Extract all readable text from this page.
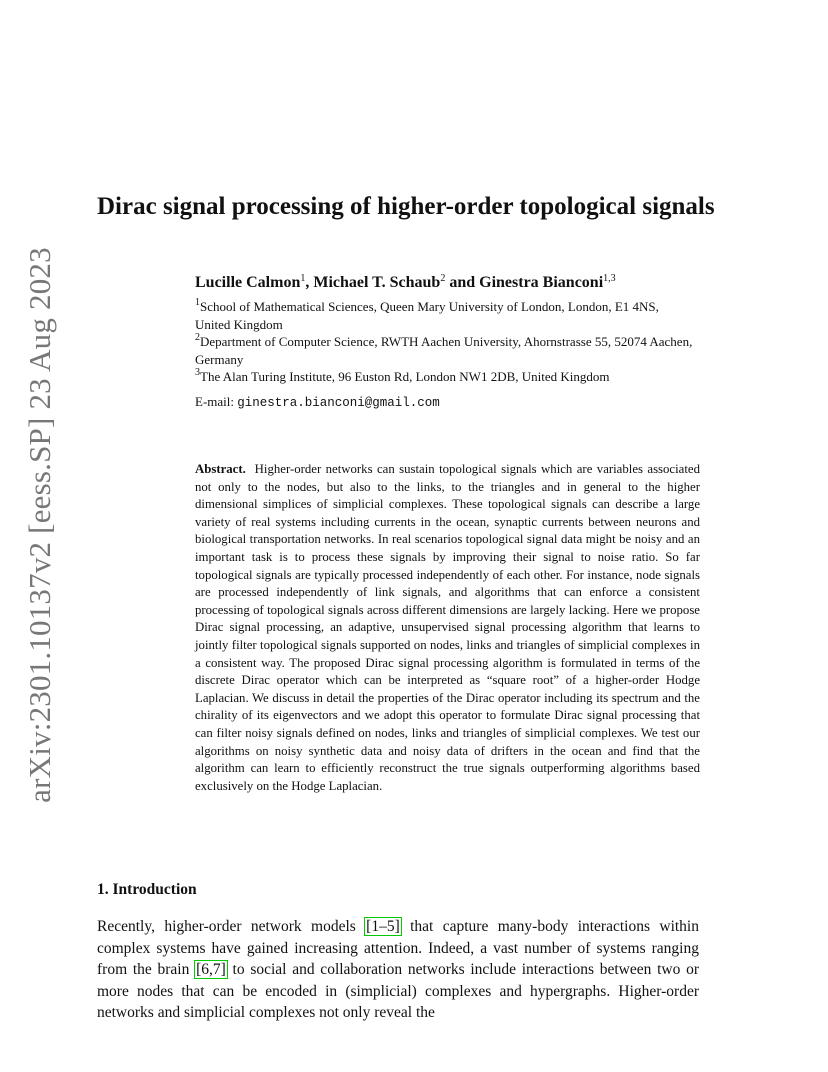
arXiv:2301.10137v2 [eess.SP] 23 Aug 2023
Dirac signal processing of higher-order topological signals

Lucille Calmon$^1$, Michael T. Schaub$^2$ and Ginestra Bianconi$^{1,3}$

$^1$School of Mathematical Sciences, Queen Mary University of London, London, E1 4NS, United Kingdom

$^2$Department of Computer Science, RWTH Aachen University, Ahornstrasse 55, 52074 Aachen, Germany

$^3$The Alan Turing Institute, 96 Euston Rd, London NW1 2DB, United Kingdom

E-mail: ginestra.bianconi@gmail.com

Abstract. Higher-order networks can sustain topological signals which are variables associated not only to the nodes, but also to the links, to the triangles and in general to the higher dimensional simplices of simplicial complexes. These topological signals can describe a large variety of real systems including currents in the ocean, synaptic currents between neurons and biological transportation networks. In real scenarios topological signal data might be noisy and an important task is to process these signals by improving their signal to noise ratio. So far topological signals are typically processed independently of each other. For instance, node signals are processed independently of link signals, and algorithms that can enforce a consistent processing of topological signals across different dimensions are largely lacking. Here we propose Dirac signal processing, an adaptive, unsupervised signal processing algorithm that learns to jointly filter topological signals supported on nodes, links and triangles of simplicial complexes in a consistent way. The proposed Dirac signal processing algorithm is formulated in terms of the discrete Dirac operator which can be interpreted as “square root” of a higher-order Hodge Laplacian. We discuss in detail the properties of the Dirac operator including its spectrum and the chirality of its eigenvectors and we adopt this operator to formulate Dirac signal processing that can filter noisy signals defined on nodes, links and triangles of simplicial complexes. We test our algorithms on noisy synthetic data and noisy data of drifters in the ocean and find that the algorithm can learn to efficiently reconstruct the true signals outperforming algorithms based exclusively on the Hodge Laplacian.

1. Introduction

Recently, higher-order network models [1–5] that capture many-body interactions within complex systems have gained increasing attention. Indeed, a vast number of systems ranging from the brain [6,7] to social and collaboration networks include interactions between two or more nodes that can be encoded in (simplicial) complexes and hypergraphs. Higher-order networks and simplicial complexes not only reveal the
